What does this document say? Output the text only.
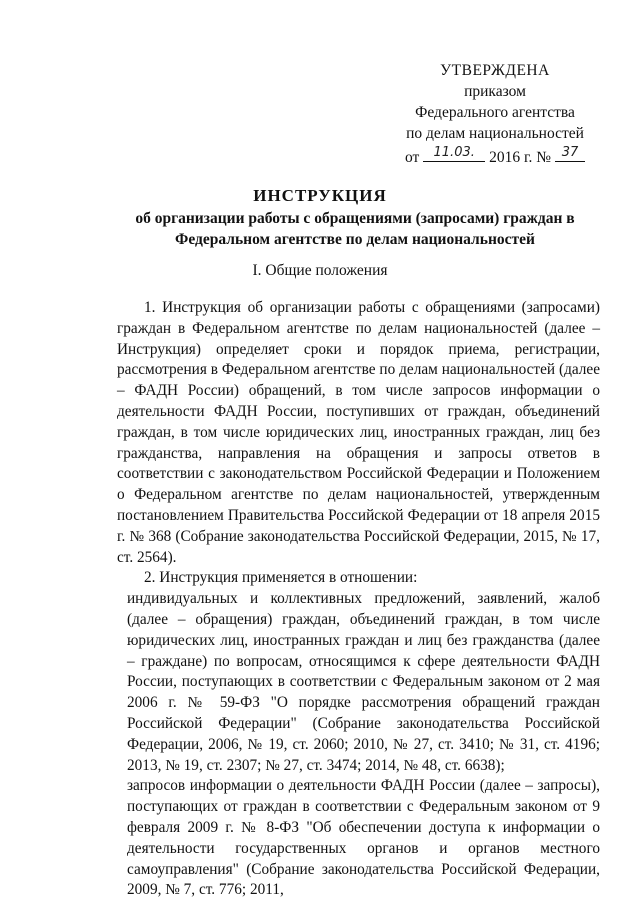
УТВЕРЖДЕНА
приказом
Федерального агентства
по делам национальностей
от	11.03. 2016 г. № 37
ИНСТРУКЦИЯ
об организации работы с обращениями (запросами) граждан в
Федеральном агентстве по делам национальностей
I. Общие положения

1. Инструкция об организации работы с обращениями (запросами) граждан в Федеральном агентстве по делам национальностей (далее – Инструкция) определяет сроки и порядок приема, регистрации, рассмотрения в Федеральном агентстве по делам национальностей (далее – ФАДН России) обращений, в том числе запросов информации о деятельности ФАДН России, поступивших от граждан, объединений граждан, в том числе юридических лиц, иностранных граждан, лиц без гражданства, направления на обращения и запросы ответов в соответствии с законодательством Российской Федерации и Положением о Федеральном агентстве по делам национальностей, утвержденным постановлением Правительства Российской Федерации от 18 апреля 2015 г. № 368 (Собрание законодательства Российской Федерации, 2015, № 17, ст. 2564).

2. Инструкция применяется в отношении:

индивидуальных и коллективных предложений, заявлений, жалоб (далее – обращения) граждан, объединений граждан, в том числе юридических лиц, иностранных граждан и лиц без гражданства (далее – граждане) по вопросам, относящимся к сфере деятельности ФАДН России, поступающих в соответствии с Федеральным законом от 2 мая 2006 г. № 59-ФЗ "О порядке рассмотрения обращений граждан Российской Федерации" (Собрание законодательства Российской Федерации, 2006, № 19, ст. 2060; 2010, № 27, ст. 3410; № 31, ст. 4196; 2013, № 19, ст. 2307; № 27, ст. 3474; 2014, № 48, ст. 6638);

запросов информации о деятельности ФАДН России (далее – запросы), поступающих от граждан в соответствии с Федеральным законом от 9 февраля 2009 г. № 8-ФЗ "Об обеспечении доступа к информации о деятельности государственных органов и органов местного самоуправления" (Собрание законодательства Российской Федерации, 2009, № 7, ст. 776; 2011,
